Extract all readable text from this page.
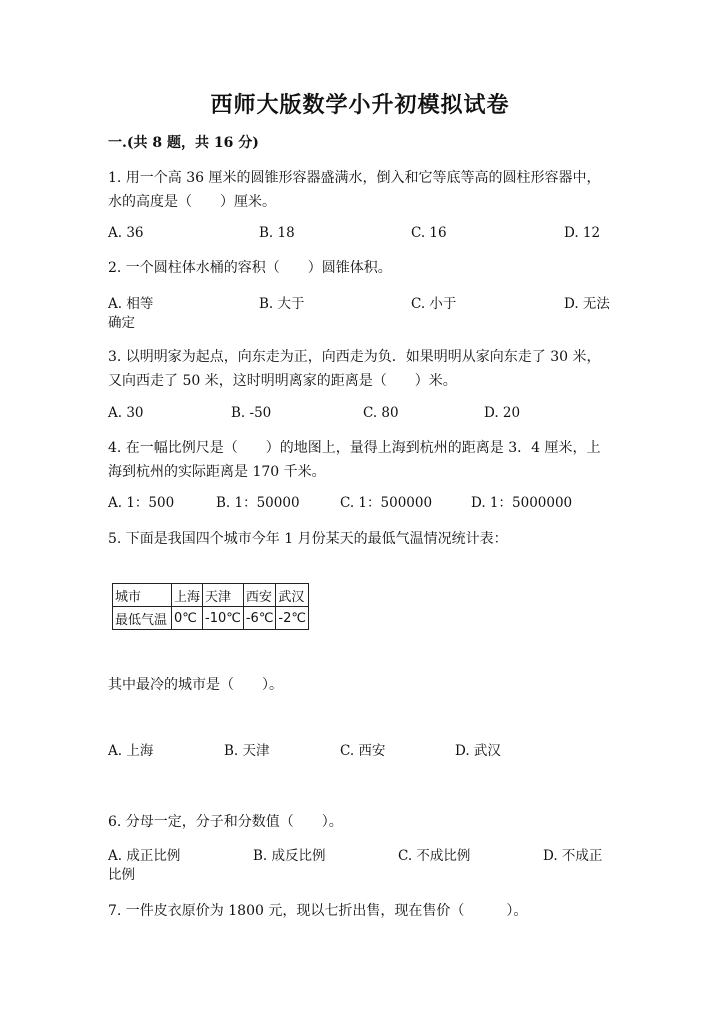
西师大版数学小升初模拟试卷
一.(共 8 题，共 16 分)
1. 用一个高 36 厘米的圆锥形容器盛满水，倒入和它等底等高的圆柱形容器中，水的高度是（　　）厘米。
A. 36	B. 18	C. 16	D. 12
2. 一个圆柱体水桶的容积（　　）圆锥体积。
A. 相等	B. 大于	C. 小于	D. 无法
确定
3. 以明明家为起点，向东走为正，向西走为负．如果明明从家向东走了 30 米，又向西走了 50 米，这时明明离家的距离是（　　）米。
A. 30	B. -50	C. 80	D. 20
4. 在一幅比例尺是（　　）的地图上，量得上海到杭州的距离是 3．4 厘米，上海到杭州的实际距离是 170 千米。
A. 1：500	B. 1：50000	C. 1：500000	D. 1：5000000
5. 下面是我国四个城市今年 1 月份某天的最低气温情况统计表：
城市	上海	天津	西安	武汉
最低气温	0℃	-10℃	-6℃	-2℃
其中最冷的城市是（　　）。
A. 上海	B. 天津	C. 西安	D. 武汉
6. 分母一定，分子和分数值（　　）。
A. 成正比例	B. 成反比例	C. 不成比例	D. 不成正
比例
7. 一件皮衣原价为 1800 元，现以七折出售，现在售价（　　　）。
